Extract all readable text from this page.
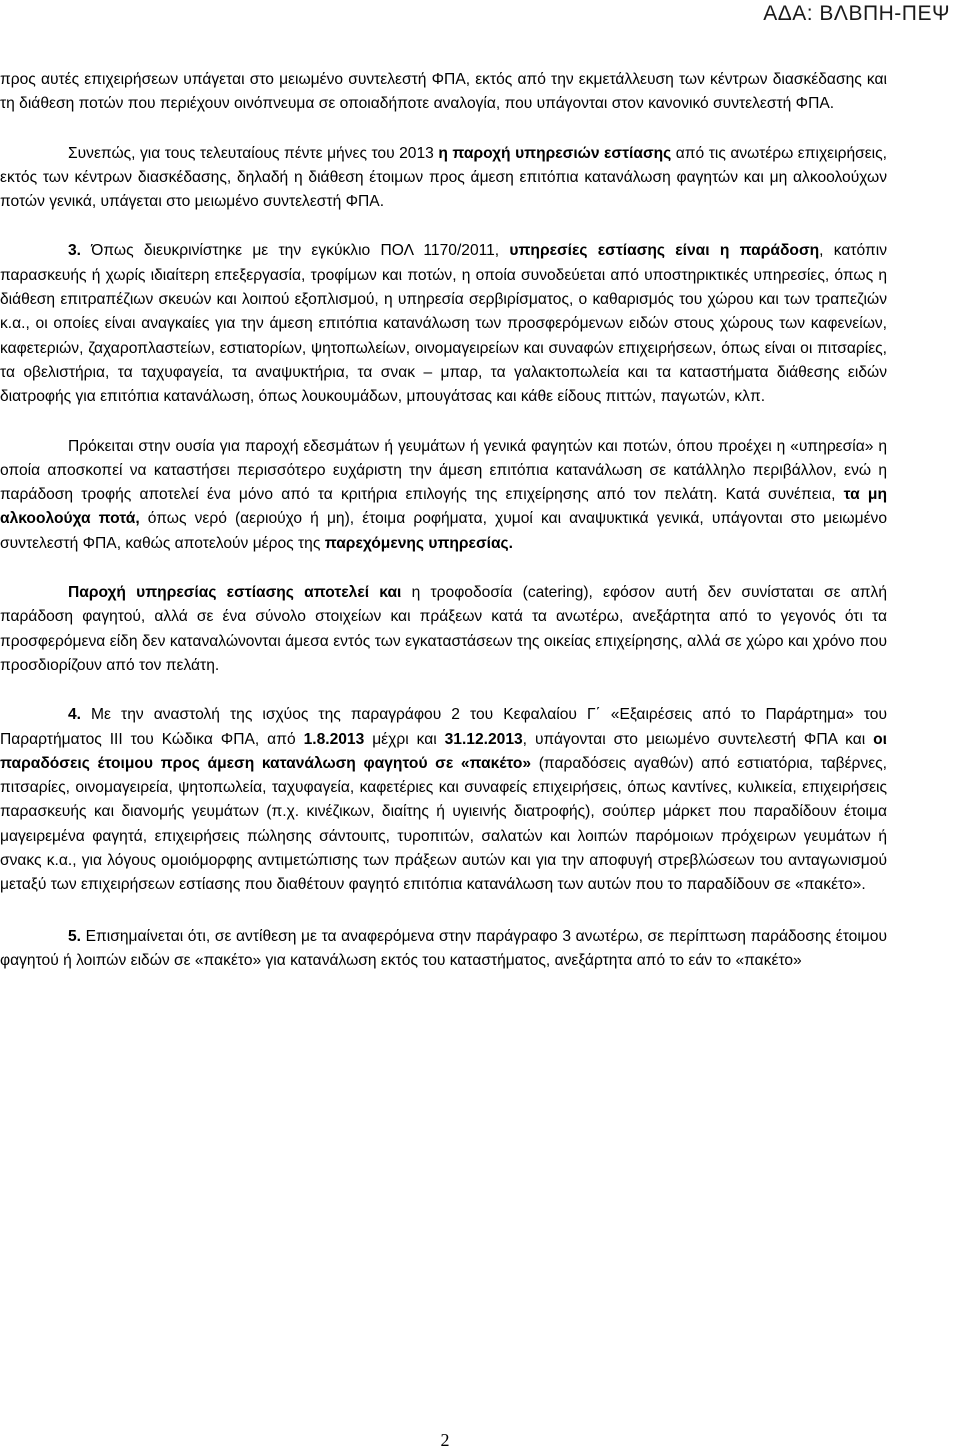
ΑΔΑ: ΒΛΒΠΗ-ΠΕΨ

προς αυτές επιχειρήσεων υπάγεται στο μειωμένο συντελεστή ΦΠΑ, εκτός από την εκμετάλλευση των κέντρων διασκέδασης και τη διάθεση ποτών που περιέχουν οινόπνευμα σε οποιαδήποτε αναλογία, που υπάγονται στον κανονικό συντελεστή ΦΠΑ.

Συνεπώς, για τους τελευταίους πέντε μήνες του 2013 η παροχή υπηρεσιών εστίασης από τις ανωτέρω επιχειρήσεις, εκτός των κέντρων διασκέδασης, δηλαδή η διάθεση έτοιμων προς άμεση επιτόπια κατανάλωση φαγητών και μη αλκοολούχων ποτών γενικά, υπάγεται στο μειωμένο συντελεστή ΦΠΑ.

3. Όπως διευκρινίστηκε με την εγκύκλιο ΠΟΛ 1170/2011, υπηρεσίες εστίασης είναι η παράδοση, κατόπιν παρασκευής ή χωρίς ιδιαίτερη επεξεργασία, τροφίμων και ποτών, η οποία συνοδεύεται από υποστηρικτικές υπηρεσίες, όπως η διάθεση επιτραπέζιων σκευών και λοιπού εξοπλισμού, η υπηρεσία σερβιρίσματος, ο καθαρισμός του χώρου και των τραπεζιών κ.α., οι οποίες είναι αναγκαίες για την άμεση επιτόπια κατανάλωση των προσφερόμενων ειδών στους χώρους των καφενείων, καφετεριών, ζαχαροπλαστείων, εστιατορίων, ψητοπωλείων, οινομαγειρείων και συναφών επιχειρήσεων, όπως είναι οι πιτσαρίες, τα οβελιστήρια, τα ταχυφαγεία, τα αναψυκτήρια, τα σνακ – μπαρ, τα γαλακτοπωλεία και τα καταστήματα διάθεσης ειδών διατροφής για επιτόπια κατανάλωση, όπως λουκουμάδων, μπουγάτσας και κάθε είδους πιττών, παγωτών, κλπ.

Πρόκειται στην ουσία για παροχή εδεσμάτων ή γευμάτων ή γενικά φαγητών και ποτών, όπου προέχει η «υπηρεσία» η οποία αποσκοπεί να καταστήσει περισσότερο ευχάριστη την άμεση επιτόπια κατανάλωση σε κατάλληλο περιβάλλον, ενώ η παράδοση τροφής αποτελεί ένα μόνο από τα κριτήρια επιλογής της επιχείρησης από τον πελάτη. Κατά συνέπεια, τα μη αλκοολούχα ποτά, όπως νερό (αεριούχο ή μη), έτοιμα ροφήματα, χυμοί και αναψυκτικά γενικά, υπάγονται στο μειωμένο συντελεστή ΦΠΑ, καθώς αποτελούν μέρος της παρεχόμενης υπηρεσίας.

Παροχή υπηρεσίας εστίασης αποτελεί και η τροφοδοσία (catering), εφόσον αυτή δεν συνίσταται σε απλή παράδοση φαγητού, αλλά σε ένα σύνολο στοιχείων και πράξεων κατά τα ανωτέρω, ανεξάρτητα από το γεγονός ότι τα προσφερόμενα είδη δεν καταναλώνονται άμεσα εντός των εγκαταστάσεων της οικείας επιχείρησης, αλλά σε χώρο και χρόνο που προσδιορίζουν από τον πελάτη.

4. Με την αναστολή της ισχύος της παραγράφου 2 του Κεφαλαίου Γ΄ «Εξαιρέσεις από το Παράρτημα» του Παραρτήματος ΙΙΙ του Κώδικα ΦΠΑ, από 1.8.2013 μέχρι και 31.12.2013, υπάγονται στο μειωμένο συντελεστή ΦΠΑ και οι παραδόσεις έτοιμου προς άμεση κατανάλωση φαγητού σε «πακέτο» (παραδόσεις αγαθών) από εστιατόρια, ταβέρνες, πιτσαρίες, οινομαγειρεία, ψητοπωλεία, ταχυφαγεία, καφετέριες και συναφείς επιχειρήσεις, όπως καντίνες, κυλικεία, επιχειρήσεις παρασκευής και διανομής γευμάτων (π.χ. κινέζικων, διαίτης ή υγιεινής διατροφής), σούπερ μάρκετ που παραδίδουν έτοιμα μαγειρεμένα φαγητά, επιχειρήσεις πώλησης σάντουιτς, τυροπιτών, σαλατών και λοιπών παρόμοιων πρόχειρων γευμάτων ή σνακς κ.α., για λόγους ομοιόμορφης αντιμετώπισης των πράξεων αυτών και για την αποφυγή στρεβλώσεων του ανταγωνισμού μεταξύ των επιχειρήσεων εστίασης που διαθέτουν φαγητό επιτόπια κατανάλωση των αυτών που το παραδίδουν σε «πακέτο».

5. Επισημαίνεται ότι, σε αντίθεση με τα αναφερόμενα στην παράγραφο 3 ανωτέρω, σε περίπτωση παράδοσης έτοιμου φαγητού ή λοιπών ειδών σε «πακέτο» για κατανάλωση εκτός του καταστήματος, ανεξάρτητα από το εάν το «πακέτο»

2
